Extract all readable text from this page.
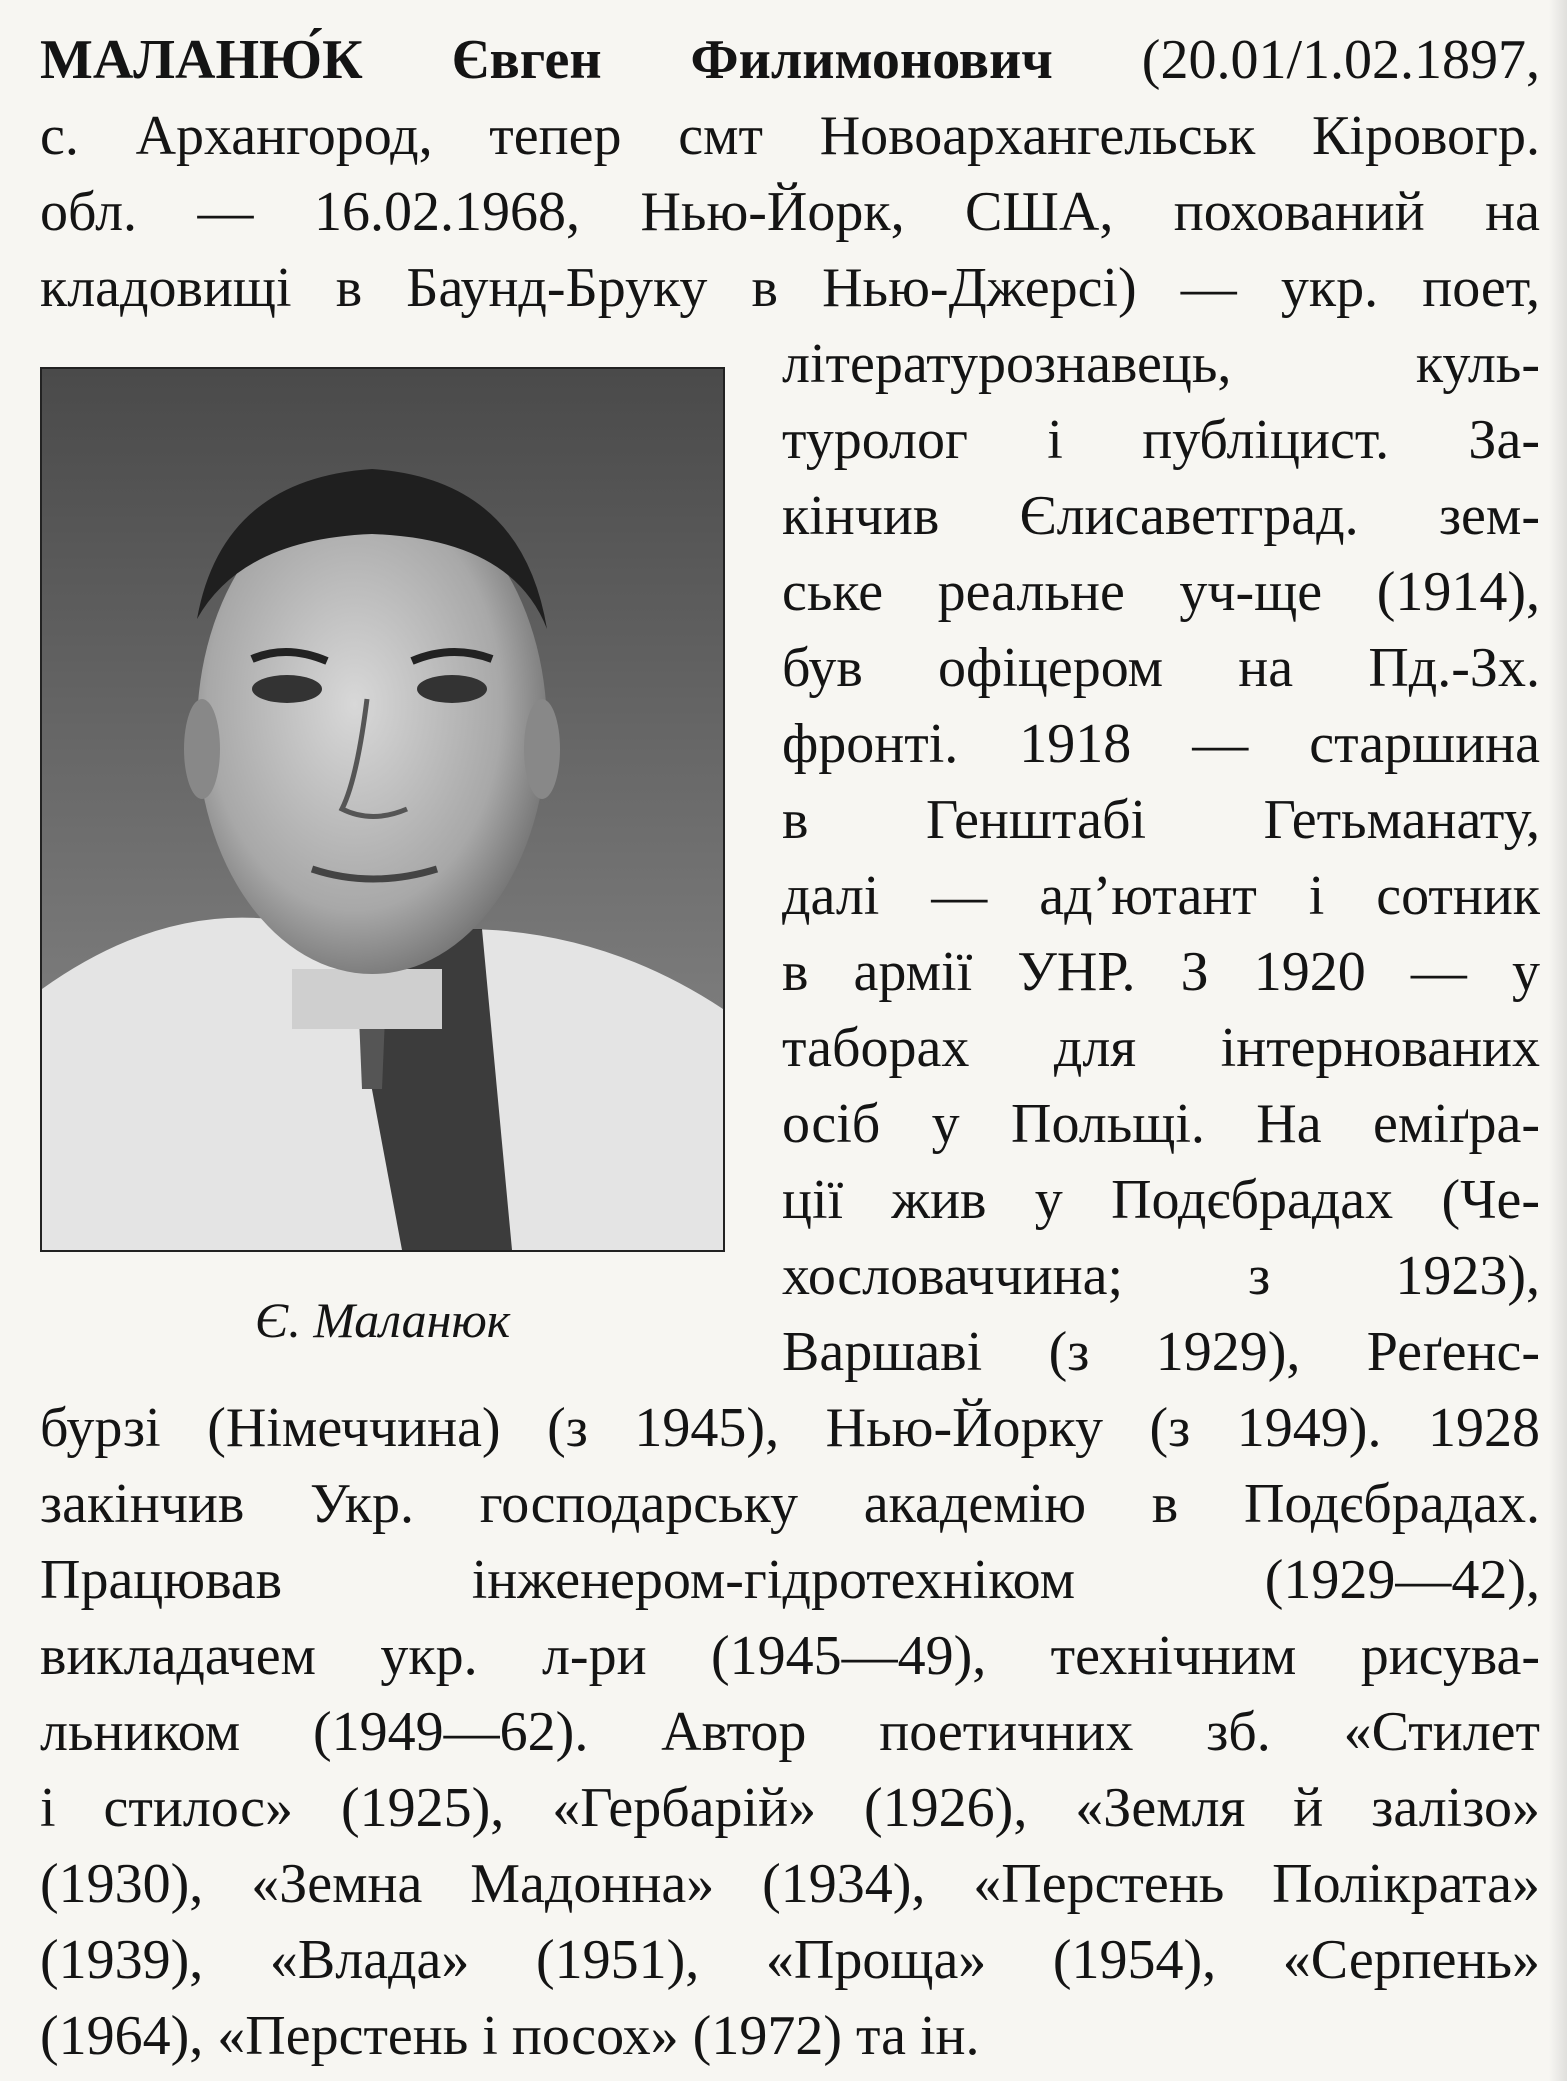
МАЛАНЮ́К Євген Филимонович (20.01/1.02.1897,
с. Архангород, тепер смт Новоархангельськ Кіровогр.
обл. — 16.02.1968, Нью-Йорк, США, похований на
кладовищі в Баунд-Бруку в Нью-Джерсі) — укр. поет,
літературознавець, куль-
туролог і публіцист. За-
кінчив Єлисаветград. зем-
ське реальне уч-ще (1914),
був офіцером на Пд.-Зх.
фронті. 1918 — старшина
в Генштабі Гетьманату,
далі — ад’ютант і сотник
в армії УНР. З 1920 — у
таборах для інтернованих
осіб у Польщі. На еміґра-
ції жив у Подєбрадах (Че-
хословаччина; з 1923),
Варшаві (з 1929), Реґенс-
бурзі (Німеччина) (з 1945), Нью-Йорку (з 1949). 1928
закінчив Укр. господарську академію в Подєбрадах.
Працював інженером-гідротехніком (1929—42),
викладачем укр. л-ри (1945—49), технічним рисува-
льником (1949—62). Автор поетичних зб. «Стилет
і стилос» (1925), «Гербарій» (1926), «Земля й залізо»
(1930), «Земна Мадонна» (1934), «Перстень Полікрата»
(1939), «Влада» (1951), «Проща» (1954), «Серпень»
(1964), «Перстень і посох» (1972) та ін.
Є. Маланюк
